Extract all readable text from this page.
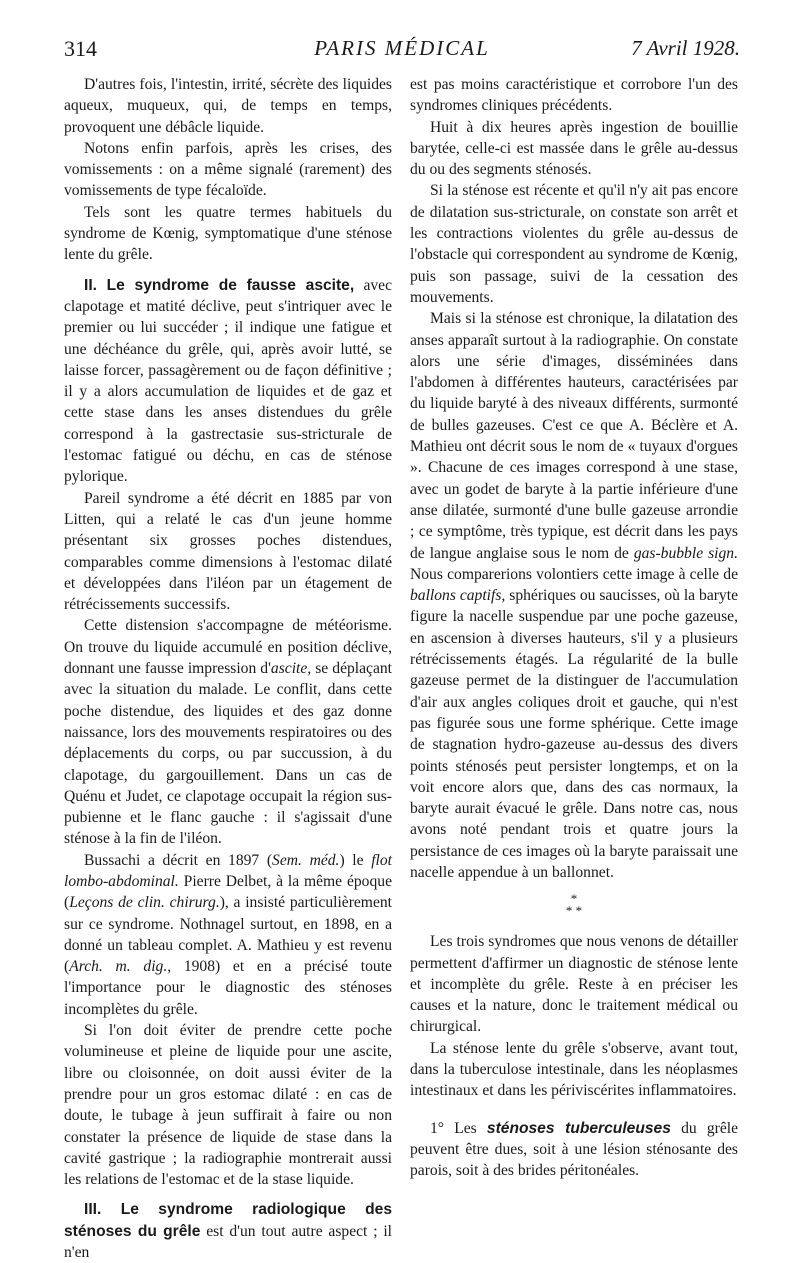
314	PARIS MÉDICAL	7 Avril 1928.

D'autres fois, l'intestin, irrité, sécrète des liquides aqueux, muqueux, qui, de temps en temps, provoquent une débâcle liquide.

Notons enfin parfois, après les crises, des vomissements : on a même signalé (rarement) des vomissements de type fécaloïde.

Tels sont les quatre termes habituels du syndrome de Kœnig, symptomatique d'une sténose lente du grêle.

II. Le syndrome de fausse ascite, avec clapotage et matité déclive, peut s'intriquer avec le premier ou lui succéder ; il indique une fatigue et une déchéance du grêle, qui, après avoir lutté, se laisse forcer, passagèrement ou de façon définitive ; il y a alors accumulation de liquides et de gaz et cette stase dans les anses distendues du grêle correspond à la gastrectasie sus-stricturale de l'estomac fatigué ou déchu, en cas de sténose pylorique.

Pareil syndrome a été décrit en 1885 par von Litten, qui a relaté le cas d'un jeune homme présentant six grosses poches distendues, comparables comme dimensions à l'estomac dilaté et développées dans l'iléon par un étagement de rétrécissements successifs.

Cette distension s'accompagne de météorisme. On trouve du liquide accumulé en position déclive, donnant une fausse impression d'ascite, se déplaçant avec la situation du malade. Le conflit, dans cette poche distendue, des liquides et des gaz donne naissance, lors des mouvements respiratoires ou des déplacements du corps, ou par succussion, à du clapotage, du gargouillement. Dans un cas de Quénu et Judet, ce clapotage occupait la région sus-pubienne et le flanc gauche : il s'agissait d'une sténose à la fin de l'iléon.

Bussachi a décrit en 1897 (Sem. méd.) le flot lombo-abdominal. Pierre Delbet, à la même époque (Leçons de clin. chirurg.), a insisté particulièrement sur ce syndrome. Nothnagel surtout, en 1898, en a donné un tableau complet. A. Mathieu y est revenu (Arch. m. dig., 1908) et en a précisé toute l'importance pour le diagnostic des sténoses incomplètes du grêle.

Si l'on doit éviter de prendre cette poche volumineuse et pleine de liquide pour une ascite, libre ou cloisonnée, on doit aussi éviter de la prendre pour un gros estomac dilaté : en cas de doute, le tubage à jeun suffirait à faire ou non constater la présence de liquide de stase dans la cavité gastrique ; la radiographie montrerait aussi les relations de l'estomac et de la stase liquide.

III. Le syndrome radiologique des sténoses du grêle est d'un tout autre aspect ; il n'en

est pas moins caractéristique et corrobore l'un des syndromes cliniques précédents.

Huit à dix heures après ingestion de bouillie barytée, celle-ci est massée dans le grêle au-dessus du ou des segments sténosés.

Si la sténose est récente et qu'il n'y ait pas encore de dilatation sus-stricturale, on constate son arrêt et les contractions violentes du grêle au-dessus de l'obstacle qui correspondent au syndrome de Kœnig, puis son passage, suivi de la cessation des mouvements.

Mais si la sténose est chronique, la dilatation des anses apparaît surtout à la radiographie. On constate alors une série d'images, disséminées dans l'abdomen à différentes hauteurs, caractérisées par du liquide baryté à des niveaux différents, surmonté de bulles gazeuses. C'est ce que A. Béclère et A. Mathieu ont décrit sous le nom de « tuyaux d'orgues ». Chacune de ces images correspond à une stase, avec un godet de baryte à la partie inférieure d'une anse dilatée, surmonté d'une bulle gazeuse arrondie ; ce symptôme, très typique, est décrit dans les pays de langue anglaise sous le nom de gas-bubble sign. Nous comparerions volontiers cette image à celle de ballons captifs, sphériques ou saucisses, où la baryte figure la nacelle suspendue par une poche gazeuse, en ascension à diverses hauteurs, s'il y a plusieurs rétrécissements étagés. La régularité de la bulle gazeuse permet de la distinguer de l'accumulation d'air aux angles coliques droit et gauche, qui n'est pas figurée sous une forme sphérique. Cette image de stagnation hydro-gazeuse au-dessus des divers points sténosés peut persister longtemps, et on la voit encore alors que, dans des cas normaux, la baryte aurait évacué le grêle. Dans notre cas, nous avons noté pendant trois et quatre jours la persistance de ces images où la baryte paraissait une nacelle appendue à un ballonnet.

*
* *

Les trois syndromes que nous venons de détailler permettent d'affirmer un diagnostic de sténose lente et incomplète du grêle. Reste à en préciser les causes et la nature, donc le traitement médical ou chirurgical.

La sténose lente du grêle s'observe, avant tout, dans la tuberculose intestinale, dans les néoplasmes intestinaux et dans les périviscérites inflammatoires.

1° Les sténoses tuberculeuses du grêle peuvent être dues, soit à une lésion sténosante des parois, soit à des brides péritonéales.
